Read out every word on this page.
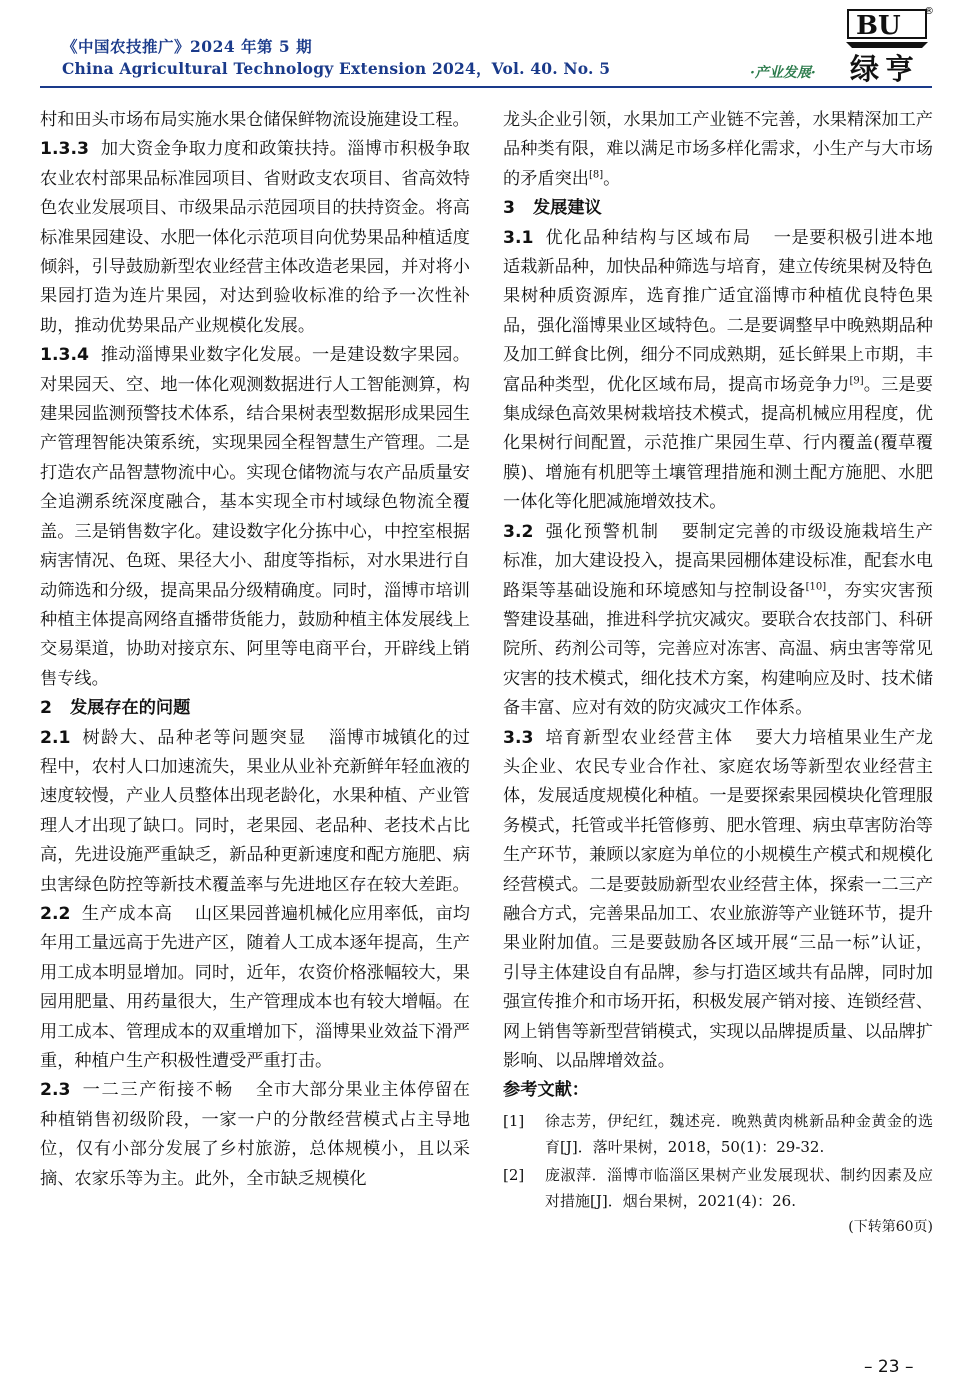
《中国农技推广》2024 年第 5 期
China Agricultural Technology Extension 2024，Vol. 40. No. 5	·产业发展·
BU ®
绿亨

村和田头市场布局实施水果仓储保鲜物流设施建设工程。

1.3.3 加大资金争取力度和政策扶持。淄博市积极争取农业农村部果品标准园项目、省财政支农项目、省高效特色农业发展项目、市级果品示范园项目的扶持资金。将高标准果园建设、水肥一体化示范项目向优势果品种植适度倾斜，引导鼓励新型农业经营主体改造老果园，并对将小果园打造为连片果园，对达到验收标准的给予一次性补助，推动优势果品产业规模化发展。

1.3.4 推动淄博果业数字化发展。一是建设数字果园。对果园天、空、地一体化观测数据进行人工智能测算，构建果园监测预警技术体系，结合果树表型数据形成果园生产管理智能决策系统，实现果园全程智慧生产管理。二是打造农产品智慧物流中心。实现仓储物流与农产品质量安全追溯系统深度融合，基本实现全市村域绿色物流全覆盖。三是销售数字化。建设数字化分拣中心，中控室根据病害情况、色斑、果径大小、甜度等指标，对水果进行自动筛选和分级，提高果品分级精确度。同时，淄博市培训种植主体提高网络直播带货能力，鼓励种植主体发展线上交易渠道，协助对接京东、阿里等电商平台，开辟线上销售专线。

2 发展存在的问题

2.1 树龄大、品种老等问题突显 淄博市城镇化的过程中，农村人口加速流失，果业从业补充新鲜年轻血液的速度较慢，产业人员整体出现老龄化，水果种植、产业管理人才出现了缺口。同时，老果园、老品种、老技术占比高，先进设施严重缺乏，新品种更新速度和配方施肥、病虫害绿色防控等新技术覆盖率与先进地区存在较大差距。

2.2 生产成本高 山区果园普遍机械化应用率低，亩均年用工量远高于先进产区，随着人工成本逐年提高，生产用工成本明显增加。同时，近年，农资价格涨幅较大，果园用肥量、用药量很大，生产管理成本也有较大增幅。在用工成本、管理成本的双重增加下，淄博果业效益下滑严重，种植户生产积极性遭受严重打击。

2.3 一二三产衔接不畅 全市大部分果业主体停留在种植销售初级阶段，一家一户的分散经营模式占主导地位，仅有小部分发展了乡村旅游，总体规模小，且以采摘、农家乐等为主。此外，全市缺乏规模化

龙头企业引领，水果加工产业链不完善，水果精深加工产品种类有限，难以满足市场多样化需求，小生产与大市场的矛盾突出[8]。

3 发展建议

3.1 优化品种结构与区域布局 一是要积极引进本地适栽新品种，加快品种筛选与培育，建立传统果树及特色果树种质资源库，选育推广适宜淄博市种植优良特色果品，强化淄博果业区域特色。二是要调整早中晚熟期品种及加工鲜食比例，细分不同成熟期，延长鲜果上市期，丰富品种类型，优化区域布局，提高市场竞争力[9]。三是要集成绿色高效果树栽培技术模式，提高机械应用程度，优化果树行间配置，示范推广果园生草、行内覆盖(覆草覆膜)、增施有机肥等土壤管理措施和测土配方施肥、水肥一体化等化肥减施增效技术。

3.2 强化预警机制 要制定完善的市级设施栽培生产标准，加大建设投入，提高果园棚体建设标准，配套水电路渠等基础设施和环境感知与控制设备[10]，夯实灾害预警建设基础，推进科学抗灾减灾。要联合农技部门、科研院所、药剂公司等，完善应对冻害、高温、病虫害等常见灾害的技术模式，细化技术方案，构建响应及时、技术储备丰富、应对有效的防灾减灾工作体系。

3.3 培育新型农业经营主体 要大力培植果业生产龙头企业、农民专业合作社、家庭农场等新型农业经营主体，发展适度规模化种植。一是要探索果园模块化管理服务模式，托管或半托管修剪、肥水管理、病虫草害防治等生产环节，兼顾以家庭为单位的小规模生产模式和规模化经营模式。二是要鼓励新型农业经营主体，探索一二三产融合方式，完善果品加工、农业旅游等产业链环节，提升果业附加值。三是要鼓励各区域开展“三品一标”认证，引导主体建设自有品牌，参与打造区域共有品牌，同时加强宣传推介和市场开拓，积极发展产销对接、连锁经营、网上销售等新型营销模式，实现以品牌提质量、以品牌扩影响、以品牌增效益。

参考文献：

[1]	徐志芳，伊纪红，魏述亮．晚熟黄肉桃新品种金黄金的选育[J]．落叶果树，2018，50(1)：29-32.
[2]	庞淑萍．淄博市临淄区果树产业发展现状、制约因素及应对措施[J]．烟台果树，2021(4)：26.
(下转第60页)
– 23 –
